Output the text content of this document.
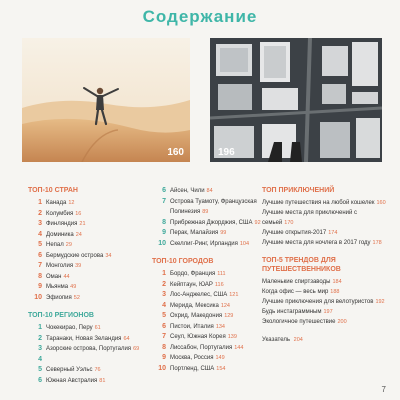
Содержание
160	196
ТОП-10 СТРАН
1 Канада 12
2 Колумбия 16
3 Финляндия 21
4 Доминика 24
5 Непал 29
6 Бермудские острова 34
7 Монголия 39
8 Оман 44
9 Мьянма 49
10 Эфиопия 52
ТОП-10 РЕГИОНОВ
1 Чокекирао, Перу 61
2 Таранаки, Новая Зеландия 64
3 Азорские острова, Португалия 69
4
5 Северный Уэльс 76
6 Южная Австралия 81
6 Айсен, Чили 84
7 Острова Туамоту, Французская Полинезия 89
8 Прибрежная Джорджия, США 92
9 Перак, Малайзия 99
10 Скеллиг-Ринг, Ирландия 104
ТОП-10 ГОРОДОВ
1 Бордо, Франция 111
2 Кейптаун, ЮАР 116
3 Лос-Анджелес, США 121
4 Мерида, Мексика 124
5 Охрид, Македония 129
6 Пистои, Италия 134
7 Сеул, Южная Корея 139
8 Лиссабон, Португалия 144
9 Москва, Россия 149
10 Портленд, США 154
ТОП ПРИКЛЮЧЕНИЙ
Лучшие путешествия на любой кошелек 160
Лучшие места для приключений с семьей 170
Лучшие открытия-2017 174
Лучшие места для ночлега в 2017 году 178
ТОП-5 ТРЕНДОВ ДЛЯ ПУТЕШЕСТВЕННИКОВ
Маленькие спиртзаводы 184
Когда офис — весь мир 188
Лучшие приключения для велотуристов 192
Будь инстаграммным 197
Экологичное путешествие 200
Указатель 204
7
